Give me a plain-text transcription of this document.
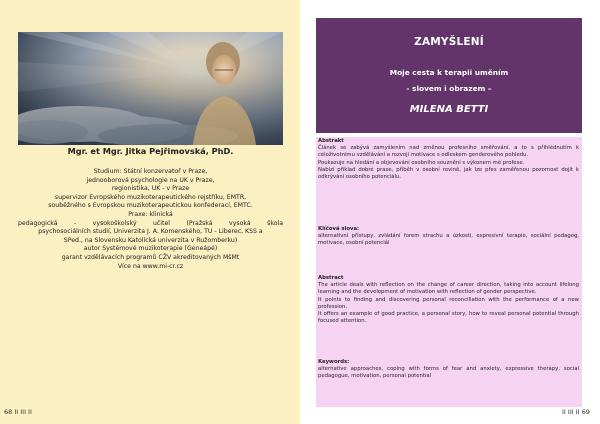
Mgr. et Mgr. Jitka Pejřimovská, PhD.
Studium: Státní konzervatoř v Praze,
jednooborová psychologie na UK v Praze,
regionistika, UK - v Praze
supervizor Evropského muzikoterapeutického rejstříku, EMTR,
souběžného s Evropskou muzikoterapeutickou konfederací, EMTC.
Praxe: klinická
pedagogická - vysokoškolský učitel (Pražská vysoká škola
psychosociálních studií, Univerzita J. A. Komenského, TU - Liberec, KSS a
SPed., na Slovensku Katolícká univerzita v Ružomberku)
autor Systémové muzikoterapie (Geneápé)
garant vzdělávacích programů CŽV akreditovaných MšMt
Více na www.mi-cr.cz
68 II III II
ZAMYŠLENÍ
Moje cesta k terapii uměním
- slovem i obrazem –
MILENA BETTI
Abstrakt
Článek se zabývá zamyšlením nad změnou profesního směřování, a to s přihlédnutím k celoživotnímu vzdělávání a rozvoji motivace s odleskem genderového pohledu.
Poukazuje na hledání a objevování osobního souznění s výkonem mé profese.
Nabízí příklad dobré praxe, příběh v osobní rovině, jak lze přes zaměřenou pozornost dojít k odkrývání osobního potenciálu.
Klíčová slova:
alternativní přístupy, zvládání forem strachu a úzkosti, expresivní terapie, sociální pedagog, motivace, osobní potenciál
Abstract
The article deals with reflection on the change of career direction, taking into account lifelong learning and the development of motivation with reflection of gender perspective.
It points to finding and discovering personal reconciliation with the performance of a new profession.
It offers an example of good practice, a personal story, how to reveal personal potential through focused attention.
Keywords:
alternative approaches, coping with forms of fear and anxiety, expressive therapy, social pedagogue, motivation, personal potential
II III II 69
